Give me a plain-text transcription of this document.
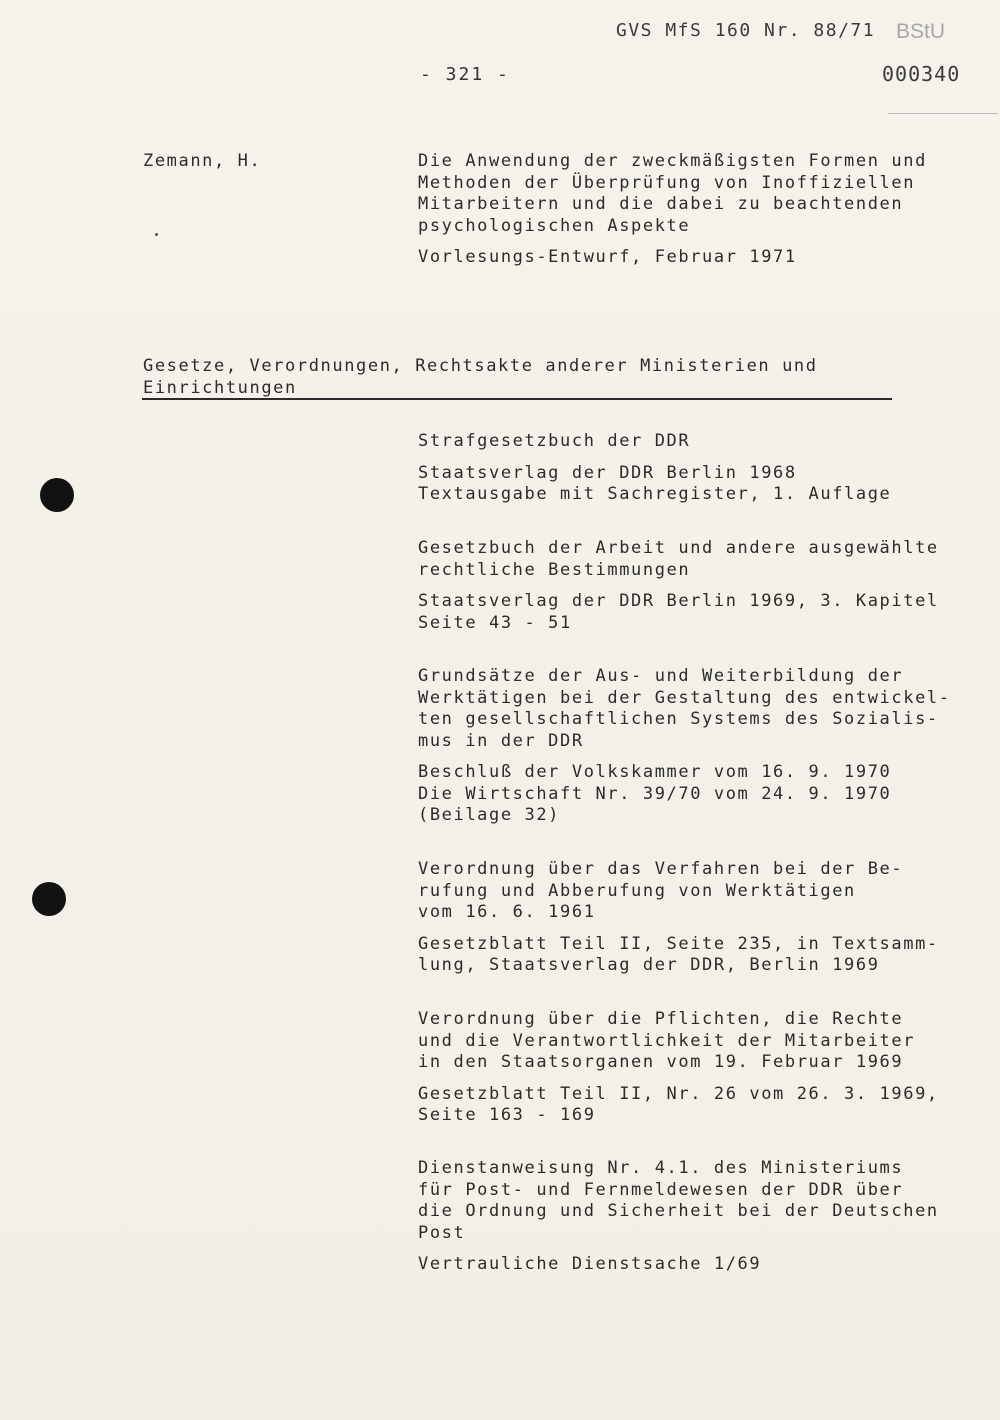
GVS MfS 160 Nr. 88/71 BStU
000340
- 321 -
Zemann, H.	Die Anwendung der zweckmäßigsten Formen und
Methoden der Überprüfung von Inoffiziellen
Mitarbeitern und die dabei zu beachtenden
psychologischen Aspekte
Vorlesungs-Entwurf, Februar 1971
Gesetze, Verordnungen, Rechtsakte anderer Ministerien und
Einrichtungen
Strafgesetzbuch der DDR
Staatsverlag der DDR Berlin 1968
Textausgabe mit Sachregister, 1. Auflage
Gesetzbuch der Arbeit und andere ausgewählte
rechtliche Bestimmungen
Staatsverlag der DDR Berlin 1969, 3. Kapitel
Seite 43 - 51
Grundsätze der Aus- und Weiterbildung der
Werktätigen bei der Gestaltung des entwickel-
ten gesellschaftlichen Systems des Sozialis-
mus in der DDR
Beschluß der Volkskammer vom 16. 9. 1970
Die Wirtschaft Nr. 39/70 vom 24. 9. 1970
(Beilage 32)
Verordnung über das Verfahren bei der Be-
rufung und Abberufung von Werktätigen
vom 16. 6. 1961
Gesetzblatt Teil II, Seite 235, in Textsamm-
lung, Staatsverlag der DDR, Berlin 1969
Verordnung über die Pflichten, die Rechte
und die Verantwortlichkeit der Mitarbeiter
in den Staatsorganen vom 19. Februar 1969
Gesetzblatt Teil II, Nr. 26 vom 26. 3. 1969,
Seite 163 - 169
Dienstanweisung Nr. 4.1. des Ministeriums
für Post- und Fernmeldewesen der DDR über
die Ordnung und Sicherheit bei der Deutschen
Post
Vertrauliche Dienstsache 1/69
